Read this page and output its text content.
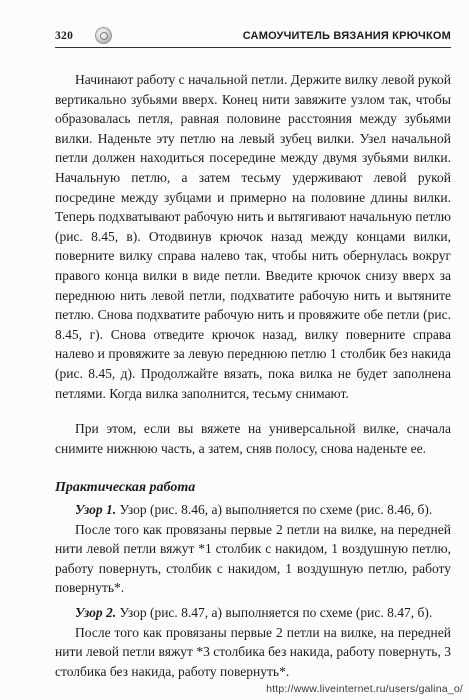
320	САМОУЧИТЕЛЬ ВЯЗАНИЯ КРЮЧКОМ

Начинают работу с начальной петли. Держите вилку левой рукой вертикально зубьями вверх. Конец нити завяжите узлом так, чтобы образовалась петля, равная половине расстояния между зубьями вилки. Наденьте эту петлю на левый зубец вилки. Узел начальной петли должен находиться посередине между двумя зубьями вилки. Начальную петлю, а затем тесьму удерживают левой рукой посредине между зубцами и примерно на половине длины вилки. Теперь подхватывают рабочую нить и вытягивают начальную петлю (рис. 8.45, в). Отодвинув крючок назад между концами вилки, поверните вилку справа налево так, чтобы нить обернулась вокруг правого конца вилки в виде петли. Введите крючок снизу вверх за переднюю нить левой петли, подхватите рабочую нить и вытяните петлю. Снова подхватите рабочую нить и провяжите обе петли (рис. 8.45, г). Снова отведите крючок назад, вилку поверните справа налево и провяжите за левую переднюю петлю 1 столбик без накида (рис. 8.45, д). Продолжайте вязать, пока вилка не будет заполнена петлями. Когда вилка заполнится, тесьму снимают.

При этом, если вы вяжете на универсальной вилке, сначала снимите нижнюю часть, а затем, сняв полосу, снова наденьте ее.

Практическая работа

Узор 1. Узор (рис. 8.46, а) выполняется по схеме (рис. 8.46, б).

После того как провязаны первые 2 петли на вилке, на передней нити левой петли вяжут *1 столбик с накидом, 1 воздушную петлю, работу повернуть, столбик с накидом, 1 воздушную петлю, работу повернуть*.

Узор 2. Узор (рис. 8.47, а) выполняется по схеме (рис. 8.47, б).

После того как провязаны первые 2 петли на вилке, на передней нити левой петли вяжут *3 столбика без накида, работу повернуть, 3 столбика без накида, работу повернуть*.

http://www.liveinternet.ru/users/galina_o/
